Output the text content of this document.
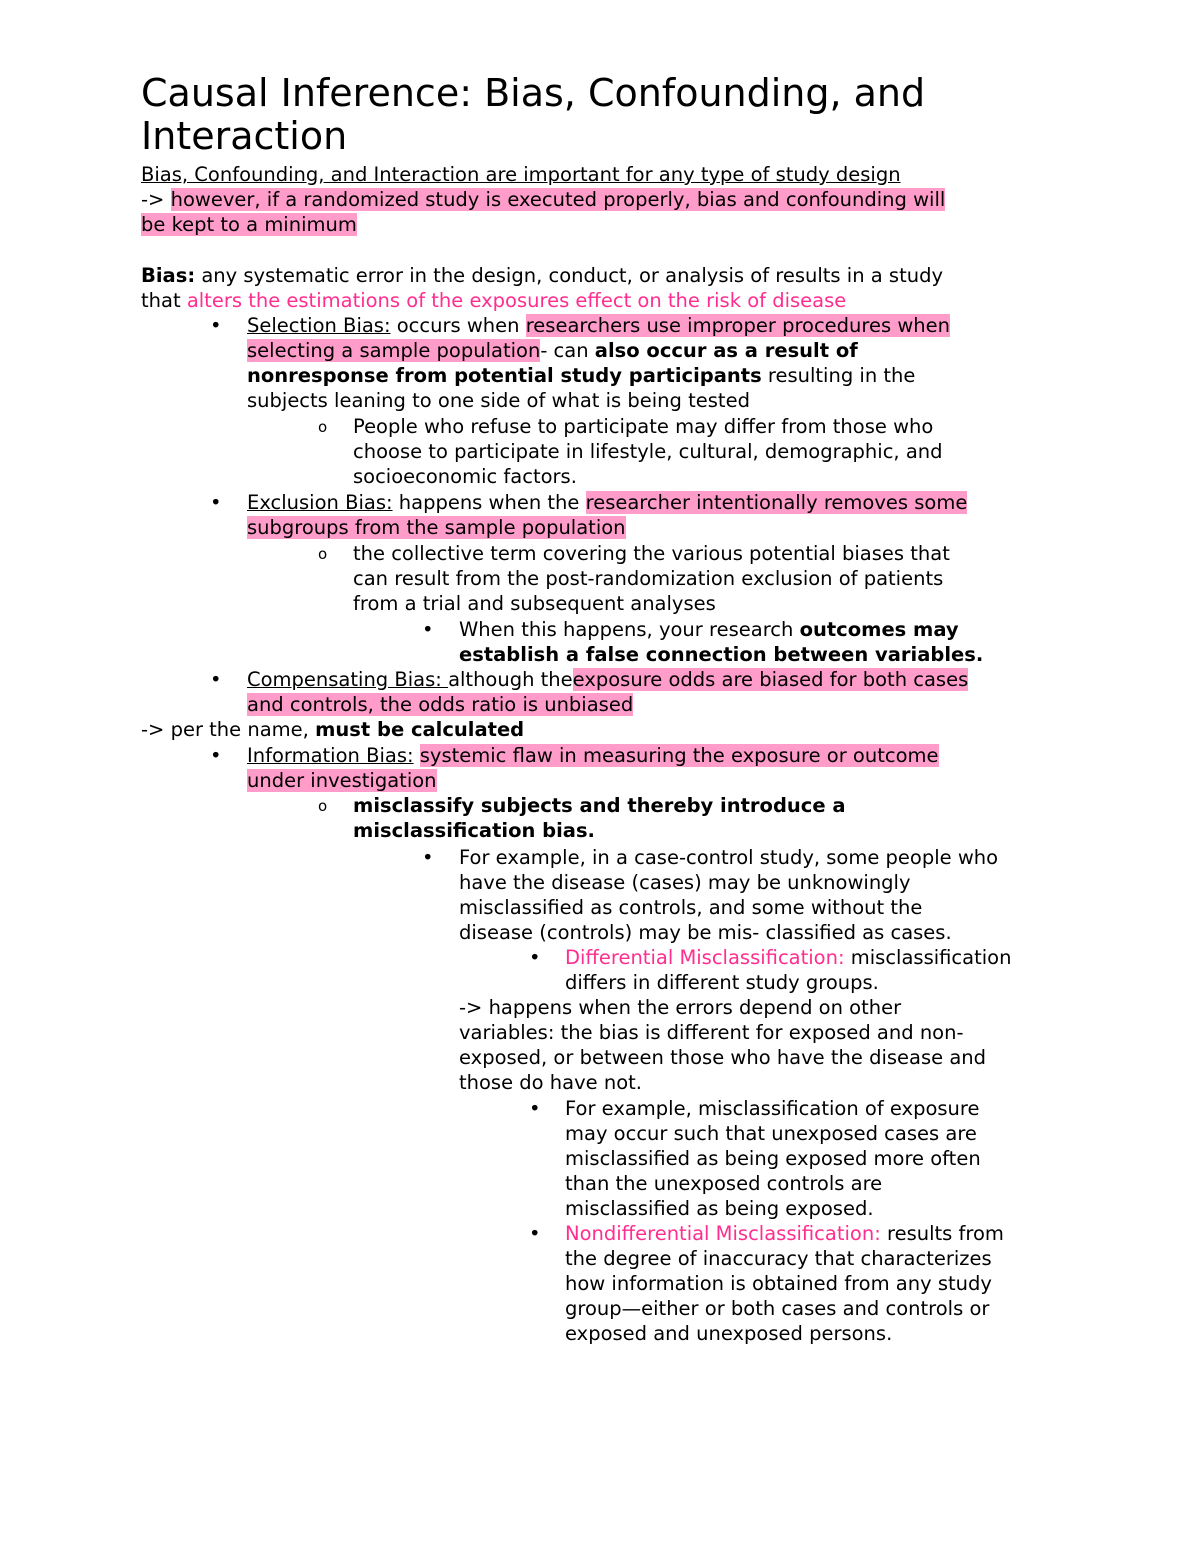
Causal Inference: Bias, Confounding, and Interaction
Bias, Confounding, and Interaction are important for any type of study design
-> however, if a randomized study is executed properly, bias and confounding will
be kept to a minimum
Bias: any systematic error in the design, conduct, or analysis of results in a study
that alters the estimations of the exposures effect on the risk of disease
• Selection Bias: occurs when researchers use improper procedures when
selecting a sample population- can also occur as a result of
nonresponse from potential study participants resulting in the
subjects leaning to one side of what is being tested
o People who refuse to participate may differ from those who
choose to participate in lifestyle, cultural, demographic, and
socioeconomic factors.
• Exclusion Bias: happens when the researcher intentionally removes some
subgroups from the sample population
o the collective term covering the various potential biases that
can result from the post-randomization exclusion of patients
from a trial and subsequent analyses
• When this happens, your research outcomes may
establish a false connection between variables.
• Compensating Bias: although theexposure odds are biased for both cases
and controls, the odds ratio is unbiased
-> per the name, must be calculated
• Information Bias: systemic flaw in measuring the exposure or outcome
under investigation
o misclassify subjects and thereby introduce a
misclassification bias.
• For example, in a case-control study, some people who
have the disease (cases) may be unknowingly
misclassified as controls, and some without the
disease (controls) may be mis- classified as cases.
• Differential Misclassification: misclassification
differs in different study groups.
-> happens when the errors depend on other
variables: the bias is different for exposed and non-
exposed, or between those who have the disease and
those do have not.
• For example, misclassification of exposure
may occur such that unexposed cases are
misclassified as being exposed more often
than the unexposed controls are
misclassified as being exposed.
• Nondifferential Misclassification: results from
the degree of inaccuracy that characterizes
how information is obtained from any study
group—either or both cases and controls or
exposed and unexposed persons.
